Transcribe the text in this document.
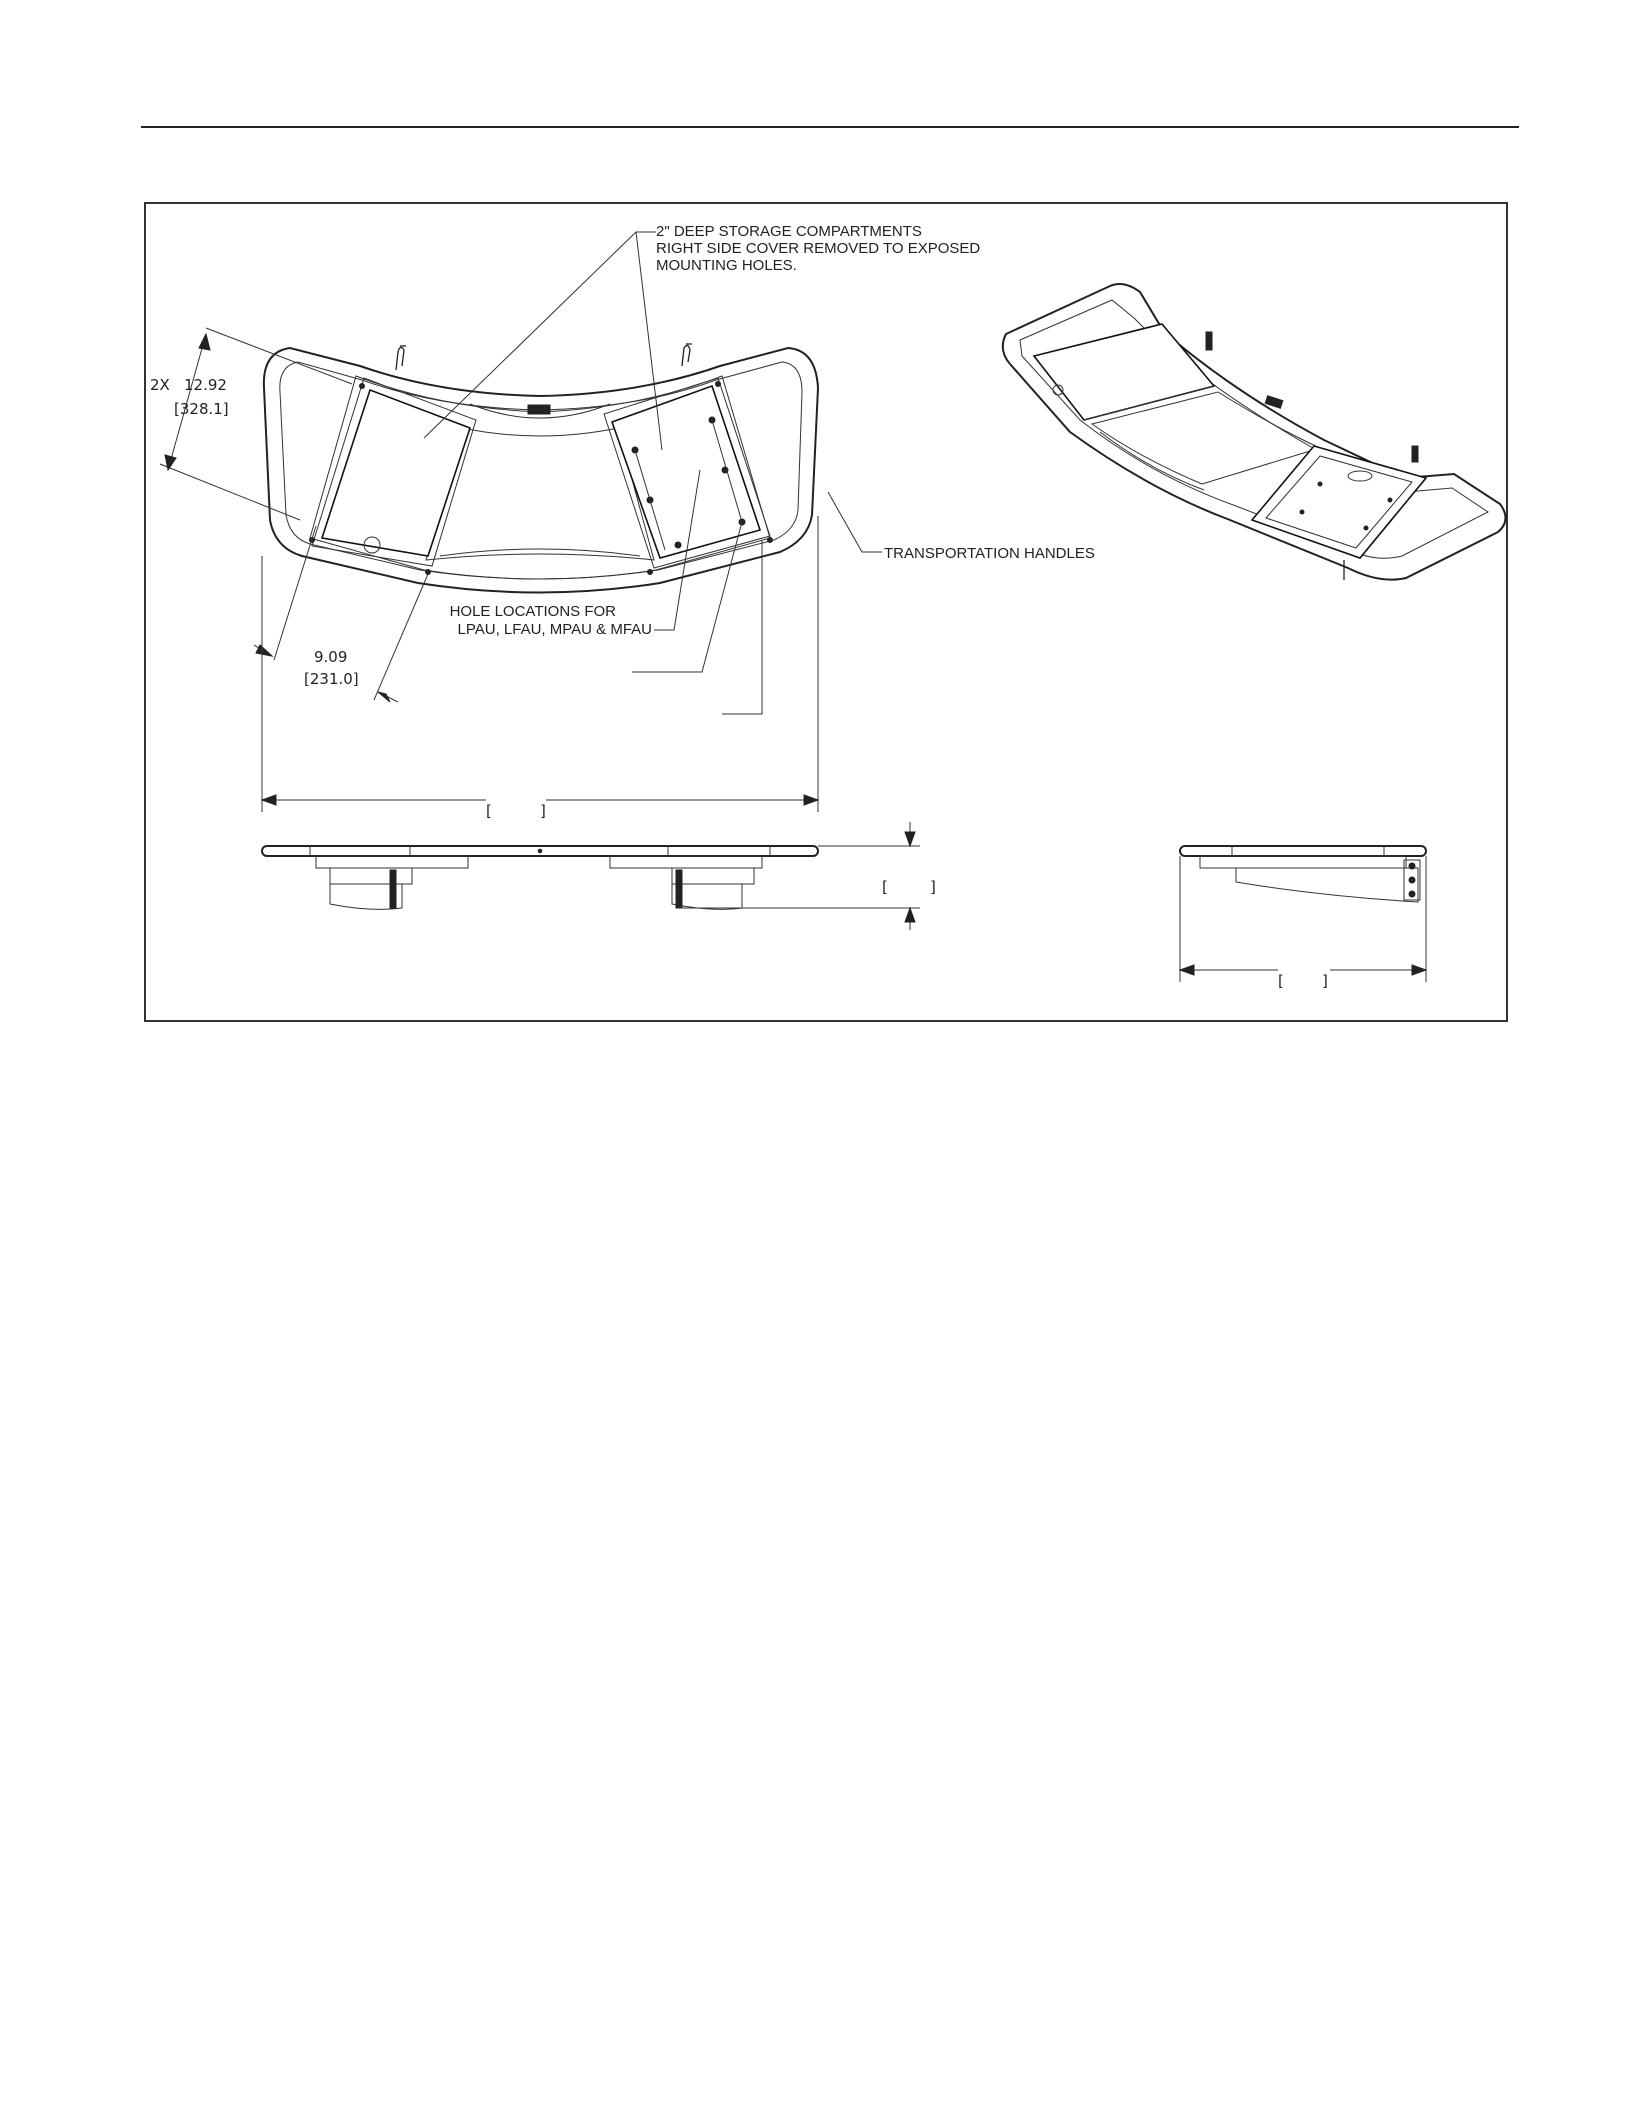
[	]
[	]
[	]
2" DEEP STORAGE COMPARTMENTS
RIGHT SIDE COVER REMOVED TO EXPOSED
MOUNTING HOLES.
TRANSPORTATION HANDLES
HOLE LOCATIONS FOR
LPAU, LFAU, MPAU & MFAU
2X 12.92
[328.1]
9.09
[231.0]
